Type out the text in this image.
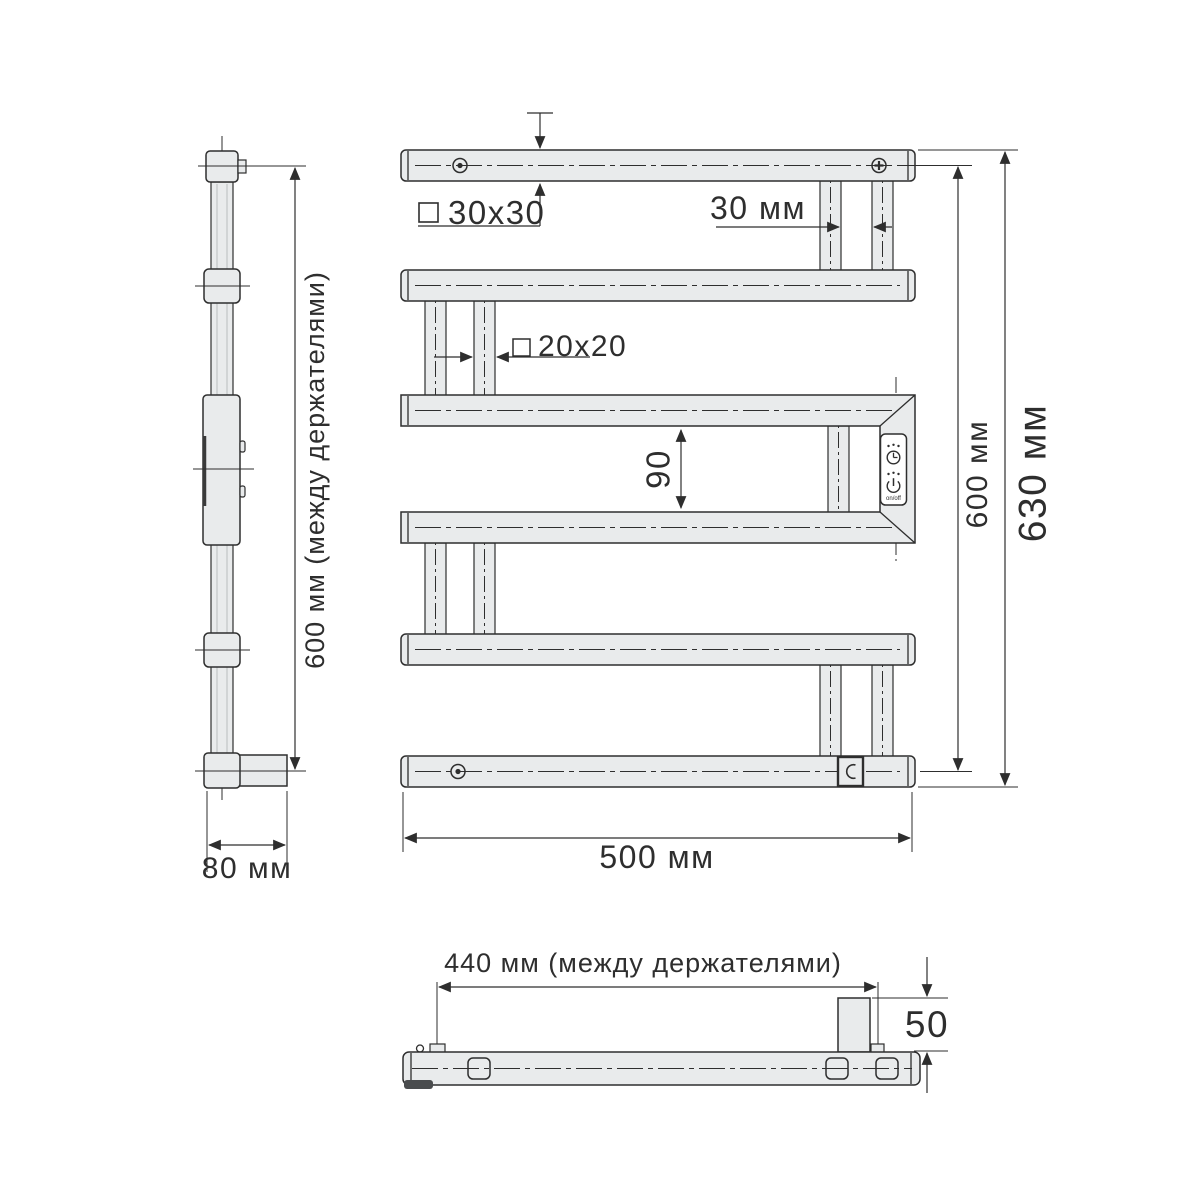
600 мм (между держателями)
80 мм
on/off
30x30	30 мм
20x20
90
500 мм
600 мм 630 мм
440 мм (между держателями)
50
